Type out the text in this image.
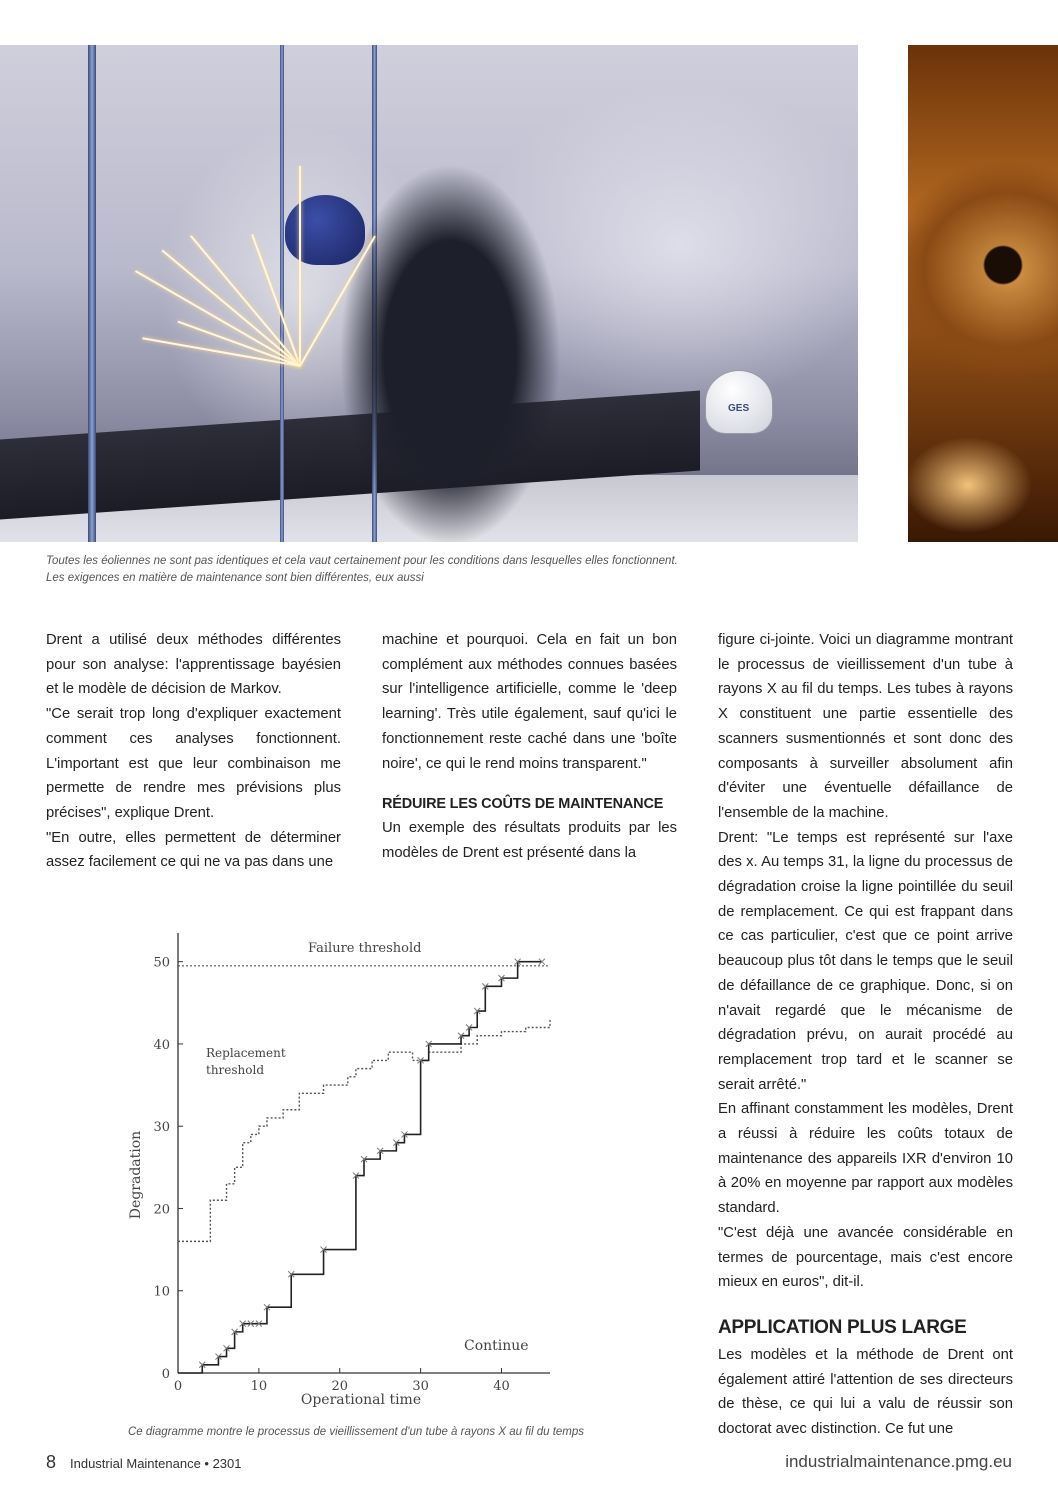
GES
Toutes les éoliennes ne sont pas identiques et cela vaut certainement pour les conditions dans lesquelles elles fonctionnent.
Les exigences en matière de maintenance sont bien différentes, eux aussi

Drent a utilisé deux méthodes différentes pour son analyse: l'apprentissage bayésien et le modèle de décision de Markov.

"Ce serait trop long d'expliquer exactement comment ces analyses fonctionnent. L'important est que leur combinaison me permette de rendre mes prévisions plus précises", explique Drent.

"En outre, elles permettent de déterminer assez facilement ce qui ne va pas dans une

machine et pourquoi. Cela en fait un bon complément aux méthodes connues basées sur l'intelligence artificielle, comme le 'deep learning'. Très utile également, sauf qu'ici le fonctionnement reste caché dans une 'boîte noire', ce qui le rend moins transparent."

RÉDUIRE LES COÛTS DE MAINTENANCE

Un exemple des résultats produits par les modèles de Drent est présenté dans la

figure ci-jointe. Voici un diagramme montrant le processus de vieillissement d'un tube à rayons X au fil du temps. Les tubes à rayons X constituent une partie essentielle des scanners susmentionnés et sont donc des composants à surveiller absolument afin d'éviter une éventuelle défaillance de l'ensemble de la machine.

Drent: "Le temps est représenté sur l'axe des x. Au temps 31, la ligne du processus de dégradation croise la ligne pointillée du seuil de remplacement. Ce qui est frappant dans ce cas particulier, c'est que ce point arrive beaucoup plus tôt dans le temps que le seuil de défaillance de ce graphique. Donc, si on n'avait regardé que le mécanisme de dégradation prévu, on aurait procédé au remplacement trop tard et le scanner se serait arrêté."

En affinant constamment les modèles, Drent a réussi à réduire les coûts totaux de maintenance des appareils IXR d'environ 10 à 20% en moyenne par rapport aux modèles standard.

"C'est déjà une avancée considérable en termes de pourcentage, mais c'est encore mieux en euros", dit-il.

APPLICATION PLUS LARGE

Les modèles et la méthode de Drent ont également attiré l'attention de ses directeurs de thèse, ce qui lui a valu de réussir son doctorat avec distinction. Ce fut une

0	10	20	30	40
0
10
20
30
40
50
Failure threshold
Replacement
threshold
Continue
Operational time
Degradation
Ce diagramme montre le processus de vieillissement d'un tube à rayons X au fil du temps
8 Industrial Maintenance • 2301	industrialmaintenance.pmg.eu
